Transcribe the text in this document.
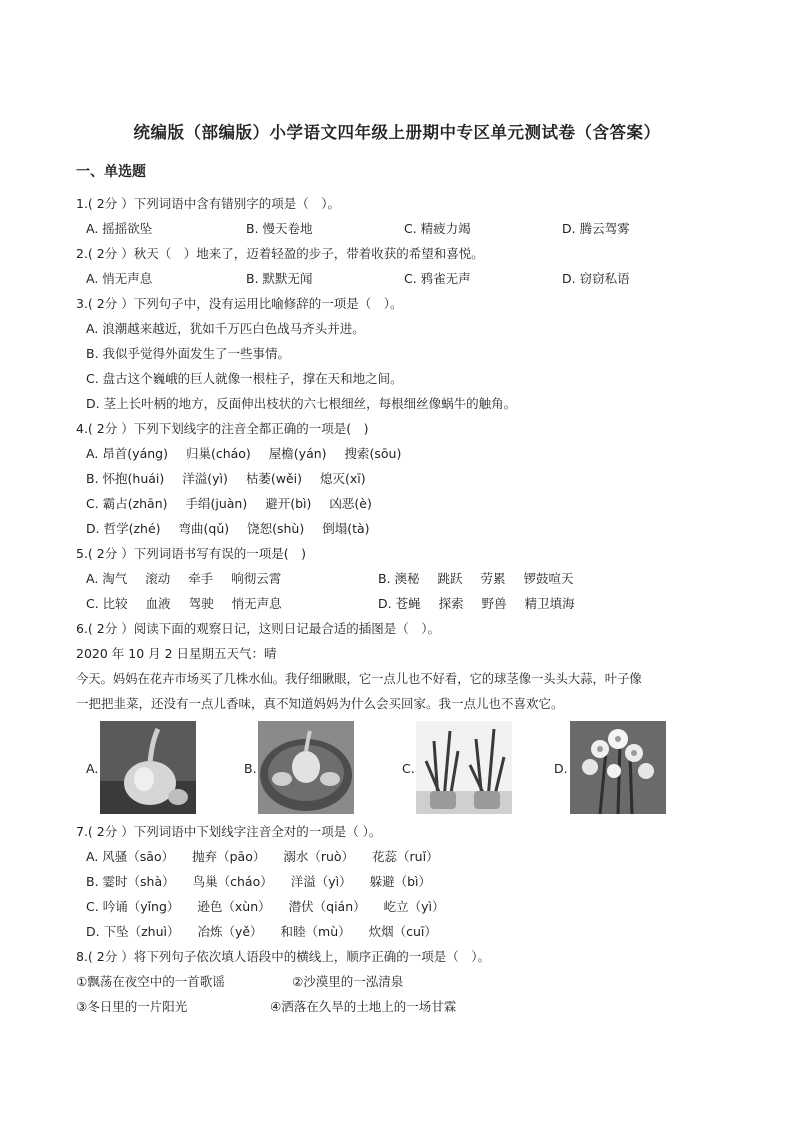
统编版（部编版）小学语文四年级上册期中专区单元测试卷（含答案）
一、单选题
1.( 2分 ）下列词语中含有错别字的项是（　）。
A. 摇摇欲坠	B. 慢天卷地	C. 精疲力竭	D. 腾云驾雾
2.( 2分 ）秋天（　）地来了，迈着轻盈的步子，带着收获的希望和喜悦。
A. 悄无声息	B. 默默无闻	C. 鸦雀无声	D. 窃窃私语
3.( 2分 ）下列句子中，没有运用比喻修辞的一项是（　）。
A. 浪潮越来越近，犹如千万匹白色战马齐头并进。
B. 我似乎觉得外面发生了一些事情。
C. 盘古这个巍峨的巨人就像一根柱子，撑在天和地之间。
D. 茎上长叶柄的地方，反面伸出枝状的六七根细丝，每根细丝像蜗牛的触角。
4.( 2分 ）下列下划线字的注音全都正确的一项是(　)
A. 昂首(yáng) 归巢(cháo) 屋檐(yán) 搜索(sōu)
B. 怀抱(huái) 洋溢(yì) 枯萎(wěi) 熄灭(xī)
C. 霸占(zhān) 手绢(juàn) 避开(bì) 凶恶(è)
D. 哲学(zhé) 弯曲(qǔ) 饶恕(shù) 倒塌(tà)
5.( 2分 ）下列词语书写有误的一项是(　)
A. 淘气 滚动 牵手 响彻云霄	B. 澳秘 跳跃 劳累 锣鼓喧天
C. 比较 血液 驾驶 悄无声息	D. 苍蝇 探索 野兽 精卫填海
6.( 2分 ）阅读下面的观察日记，这则日记最合适的插图是（　）。
2020 年 10 月 2 日星期五天气：晴
今天。妈妈在花卉市场买了几株水仙。我仔细瞅眼，它一点儿也不好看，它的球茎像一头头大蒜，叶子像
一把把韭菜，还没有一点儿香味，真不知道妈妈为什么会买回家。我一点儿也不喜欢它。
A.	B.	C.	D.
7.( 2分 ）下列词语中下划线字注音全对的一项是（ ）。
A. 风骚（sāo） 抛弃（pāo） 溺水（ruò） 花蕊（ruǐ）
B. 霎时（shà） 鸟巢（cháo） 洋溢（yì） 躲避（bì）
C. 吟诵（yǐng） 逊色（xùn） 潜伏（qián） 屹立（yì）
D. 下坠（zhuì） 冶炼（yě） 和睦（mù） 炊烟（cuī）
8.( 2分 ）将下列句子依次填人语段中的横线上，顺序正确的一项是（　）。
①飘荡在夜空中的一首歌谣	②沙漠里的一泓清泉
③冬日里的一片阳光	④洒落在久旱的土地上的一场甘霖
